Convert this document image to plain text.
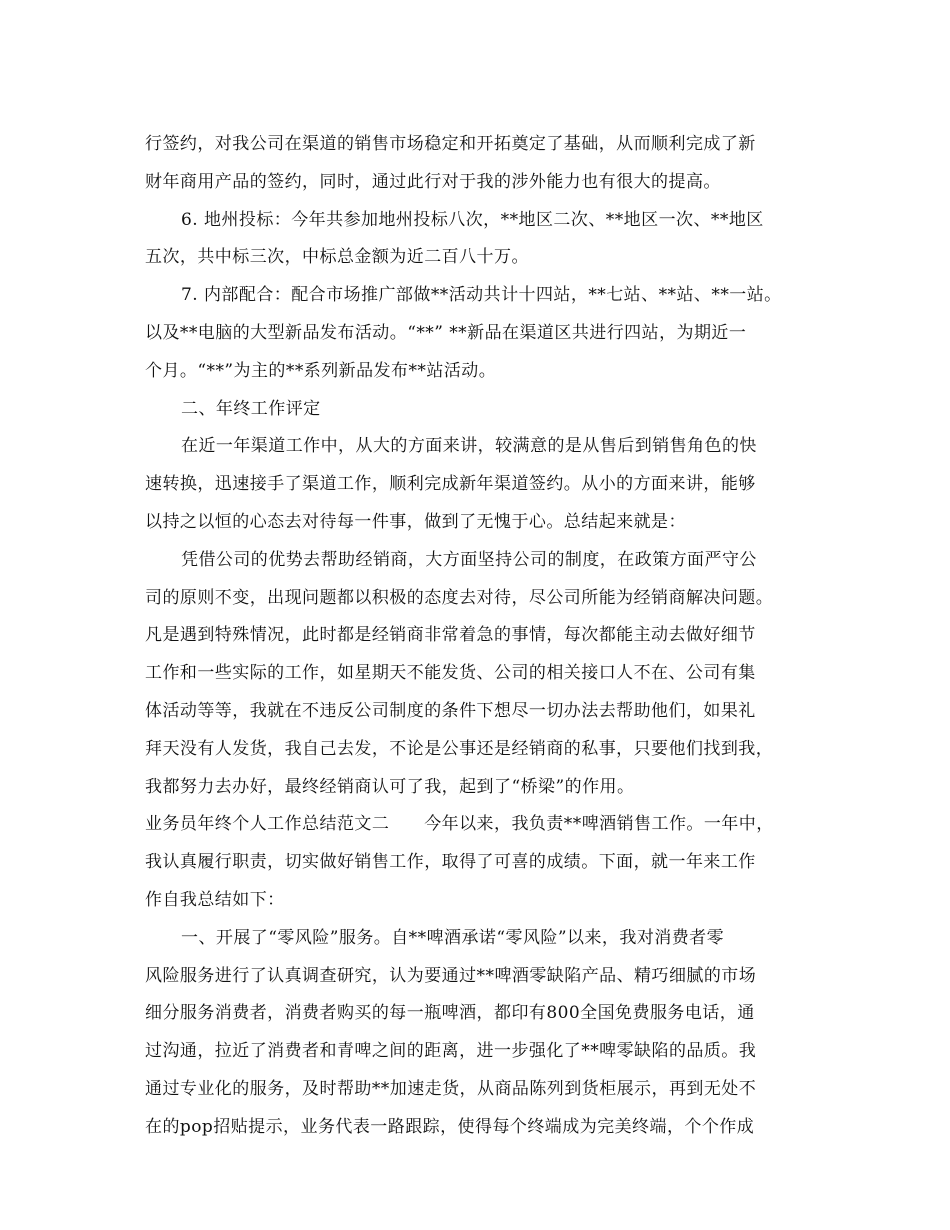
行签约，对我公司在渠道的销售市场稳定和开拓奠定了基础，从而顺利完成了新
财年商用产品的签约，同时，通过此行对于我的涉外能力也有很大的提高。
6. 地州投标：今年共参加地州投标八次，**地区二次、**地区一次、**地区
五次，共中标三次，中标总金额为近二百八十万。
7. 内部配合：配合市场推广部做**活动共计十四站，**七站、**站、**一站。
以及**电脑的大型新品发布活动。“**” **新品在渠道区共进行四站，为期近一
个月。“**”为主的**系列新品发布**站活动。
二、年终工作评定
在近一年渠道工作中，从大的方面来讲，较满意的是从售后到销售角色的快
速转换，迅速接手了渠道工作，顺利完成新年渠道签约。从小的方面来讲，能够
以持之以恒的心态去对待每一件事，做到了无愧于心。总结起来就是：
凭借公司的优势去帮助经销商，大方面坚持公司的制度，在政策方面严守公
司的原则不变，出现问题都以积极的态度去对待，尽公司所能为经销商解决问题。
凡是遇到特殊情况，此时都是经销商非常着急的事情，每次都能主动去做好细节
工作和一些实际的工作，如星期天不能发货、公司的相关接口人不在、公司有集
体活动等等，我就在不违反公司制度的条件下想尽一切办法去帮助他们，如果礼
拜天没有人发货，我自己去发，不论是公事还是经销商的私事，只要他们找到我，
我都努力去办好，最终经销商认可了我，起到了“桥梁”的作用。
业务员年终个人工作总结范文二　　今年以来，我负责**啤酒销售工作。一年中，
我认真履行职责，切实做好销售工作，取得了可喜的成绩。下面，就一年来工作
作自我总结如下：
一、开展了“零风险”服务。自**啤酒承诺“零风险”以来，我对消费者零
风险服务进行了认真调查研究，认为要通过**啤酒零缺陷产品、精巧细腻的市场
细分服务消费者，消费者购买的每一瓶啤酒，都印有800全国免费服务电话，通
过沟通，拉近了消费者和青啤之间的距离，进一步强化了**啤零缺陷的品质。我
通过专业化的服务，及时帮助**加速走货，从商品陈列到货柜展示，再到无处不
在的pop招贴提示，业务代表一路跟踪，使得每个终端成为完美终端，个个作成
